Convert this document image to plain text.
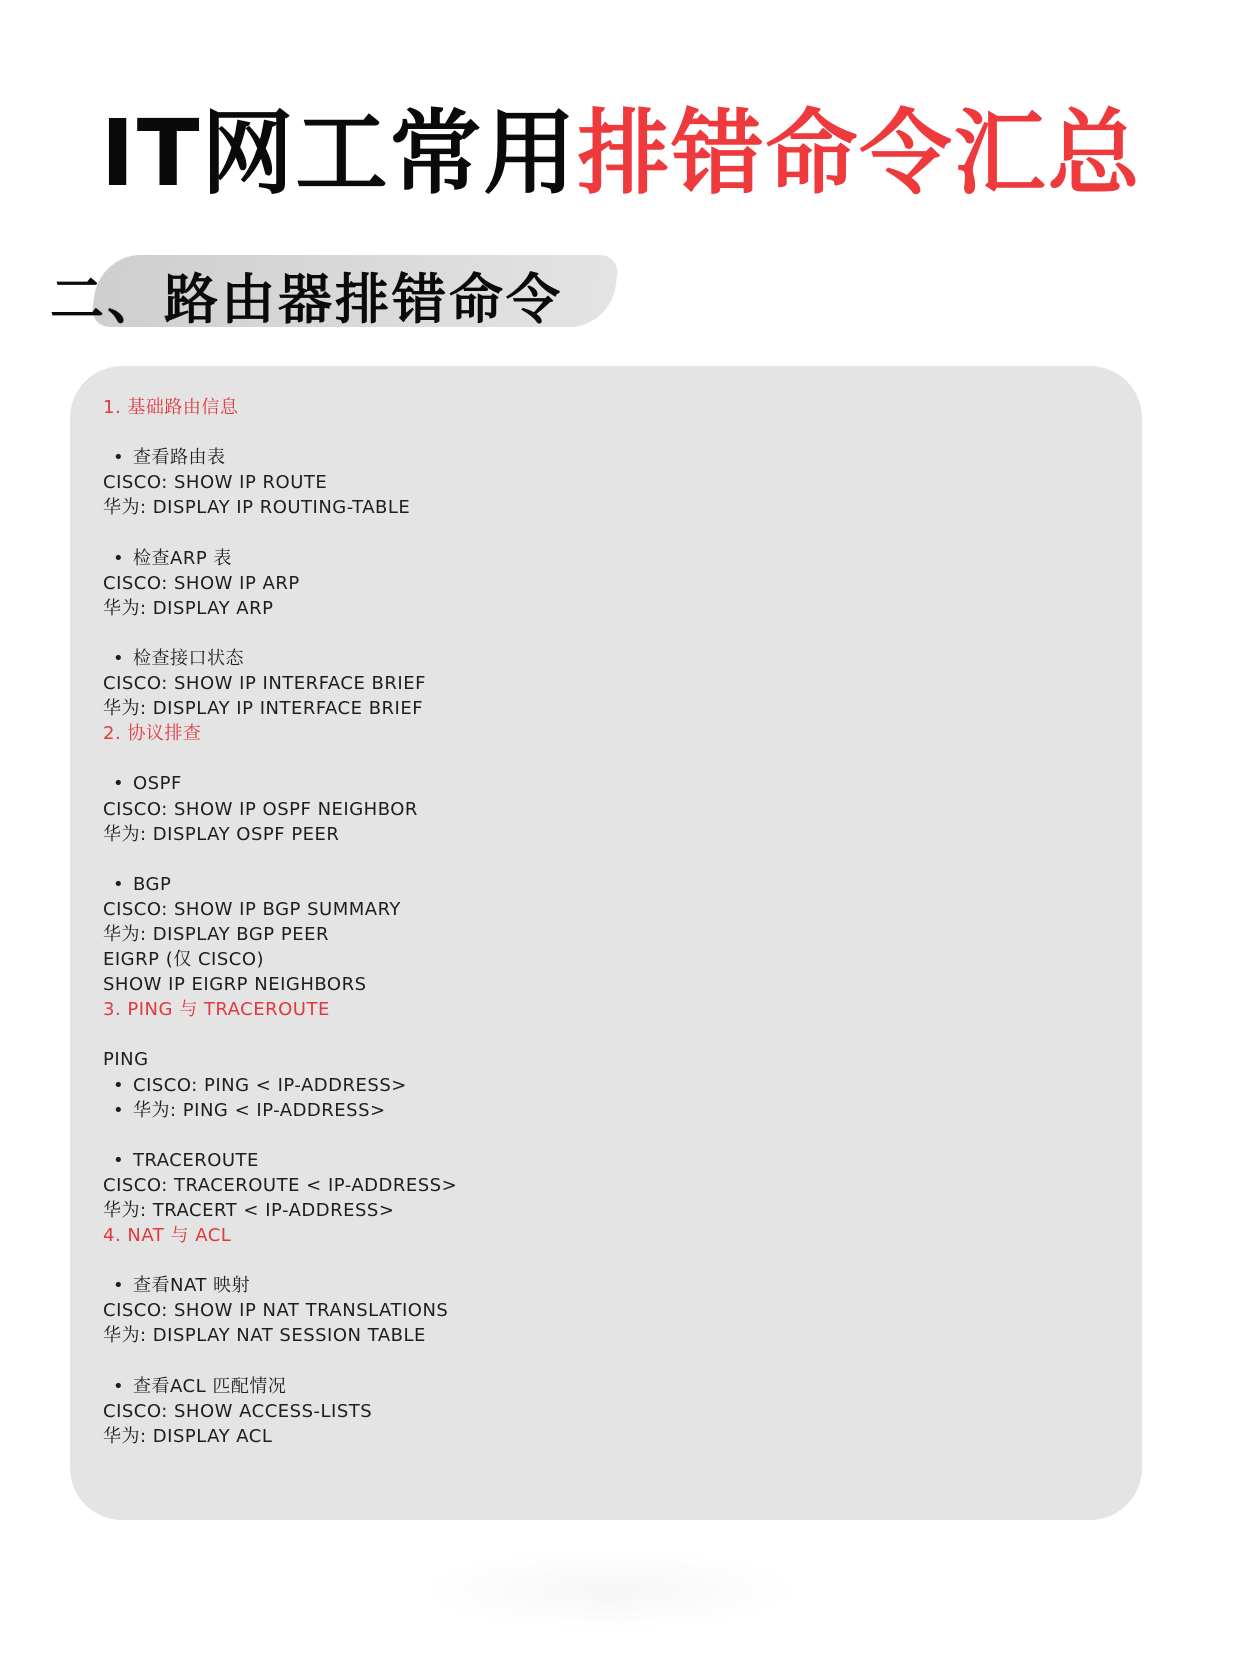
IT网工常用排错命令汇总
二、路由器排错命令
1. 基础路由信息
• 查看路由表
CISCO: SHOW IP ROUTE
华为: DISPLAY IP ROUTING-TABLE
• 检查ARP 表
CISCO: SHOW IP ARP
华为: DISPLAY ARP
• 检查接口状态
CISCO: SHOW IP INTERFACE BRIEF
华为: DISPLAY IP INTERFACE BRIEF
2. 协议排查
• OSPF
CISCO: SHOW IP OSPF NEIGHBOR
华为: DISPLAY OSPF PEER
• BGP
CISCO: SHOW IP BGP SUMMARY
华为: DISPLAY BGP PEER
EIGRP (仅 CISCO)
SHOW IP EIGRP NEIGHBORS
3. PING 与 TRACEROUTE
PING
• CISCO: PING < IP-ADDRESS>
• 华为: PING < IP-ADDRESS>
• TRACEROUTE
CISCO: TRACEROUTE < IP-ADDRESS>
华为: TRACERT < IP-ADDRESS>
4. NAT 与 ACL
• 查看NAT 映射
CISCO: SHOW IP NAT TRANSLATIONS
华为: DISPLAY NAT SESSION TABLE
• 查看ACL 匹配情况
CISCO: SHOW ACCESS-LISTS
华为: DISPLAY ACL
